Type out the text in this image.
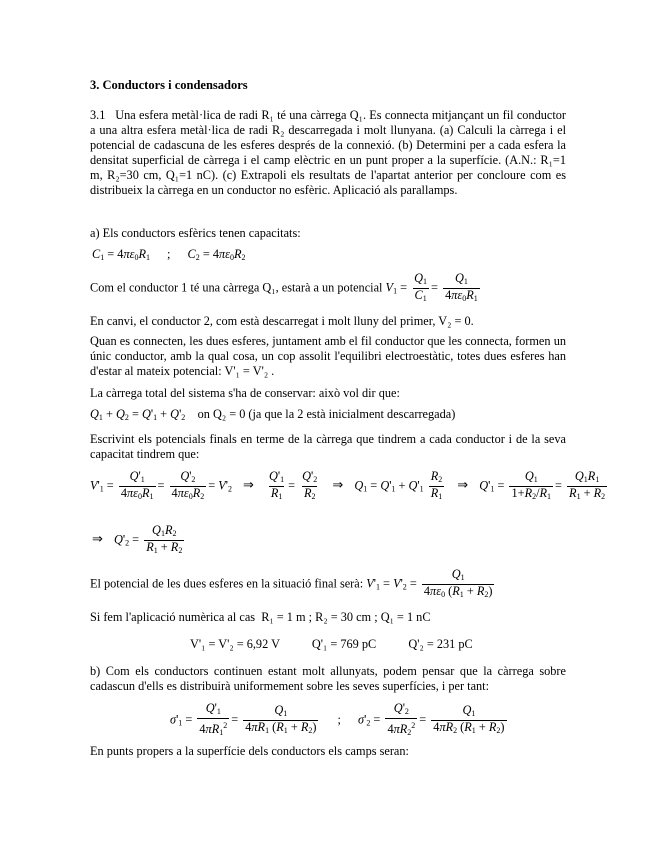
3. Conductors i condensadors
3.1 Una esfera metàl·lica de radi R₁ té una càrrega Q₁. Es connecta mitjançant un fil conductor a una altra esfera metàl·lica de radi R₂ descarregada i molt llunyana. (a) Calculi la càrrega i el potencial de cadascuna de les esferes després de la connexió. (b) Determini per a cada esfera la densitat superficial de càrrega i el camp elèctric en un punt proper a la superfície. (A.N.: R₁=1 m, R₂=30 cm, Q₁=1 nC). (c) Extrapoli els resultats de l'apartat anterior per concloure com es distribueix la càrrega en un conductor no esfèric. Aplicació als parallamps.
a) Els conductors esfèrics tenen capacitats:
$C_1 = 4\pi\varepsilon_0R_1$ ; $C_2 = 4\pi\varepsilon_0R_2$
Com el conductor 1 té una càrrega Q₁, estarà a un potencial $V_1 = \frac{Q_1}{C_1} = \frac{Q_1}{4\pi\varepsilon_0R_1}$
En canvi, el conductor 2, com està descarregat i molt lluny del primer, V₂ = 0.
Quan es connecten, les dues esferes, juntament amb el fil conductor que les connecta, formen un únic conductor, amb la qual cosa, un cop assolit l'equilibri electroestàtic, totes dues esferes han d'estar al mateix potencial: V'₁ = V'₂ .
La càrrega total del sistema s'ha de conservar: això vol dir que:
$Q_1 + Q_2 = Q'_1 + Q'_2$ on Q₂ = 0 (ja que la 2 està inicialment descarregada)
Escrivint els potencials finals en terme de la càrrega que tindrem a cada conductor i de la seva capacitat tindrem que:
$V'_1 = \frac{Q'_1}{4\pi\varepsilon_0R_1} = \frac{Q'_2}{4\pi\varepsilon_0R_2} = V'_2$ ⇒ $\frac{Q'_1}{R_1} = \frac{Q'_2}{R_2}$ ⇒ $Q_1 = Q'_1 + Q'_1 \frac{R_2}{R_1}$ ⇒ $Q'_1 = \frac{Q_1}{1+R_2/R_1} = \frac{Q_1R_1}{R_1 + R_2}$
⇒ $Q'_2 = \frac{Q_1R_2}{R_1 + R_2}$
El potencial de les dues esferes en la situació final serà: $V'_1 = V'_2 = \frac{Q_1}{4\pi\varepsilon_0 (R_1 + R_2)}$
Si fem l'aplicació numèrica al cas R₁ = 1 m ; R₂ = 30 cm ; Q₁ = 1 nC
V'₁ = V'₂ = 6,92 V	Q'₁ = 769 pC	Q'₂ = 231 pC
b) Com els conductors continuen estant molt allunyats, podem pensar que la càrrega sobre cadascun d'ells es distribuirà uniformement sobre les seves superfícies, i per tant:
$\sigma'_1 = \frac{Q'_1}{4\pi R_1^2} = \frac{Q_1}{4\pi R_1 (R_1 + R_2)}$ ; $\sigma'_2 = \frac{Q'_2}{4\pi R_2^2} = \frac{Q_1}{4\pi R_2 (R_1 + R_2)}$
En punts propers a la superfície dels conductors els camps seran:
